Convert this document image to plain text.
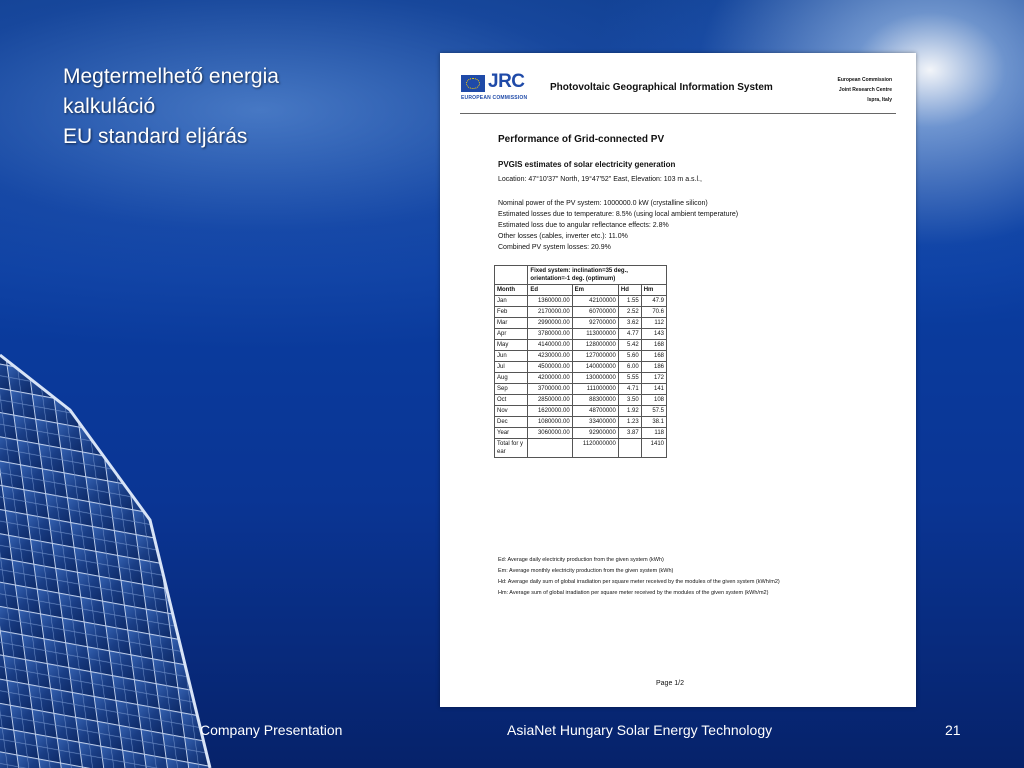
Megtermelhető energia
kalkuláció
EU standard eljárás
JRC
EUROPEAN COMMISSION
Photovoltaic Geographical Information System
European Commission
Joint Research Centre
Ispra, Italy
Performance of Grid-connected PV
PVGIS estimates of solar electricity generation
Location: 47°10'37" North, 19°47'52" East, Elevation: 103 m a.s.l.,
Nominal power of the PV system: 1000000.0 kW (crystalline silicon)
Estimated losses due to temperature: 8.5% (using local ambient temperature)
Estimated loss due to angular reflectance effects: 2.8%
Other losses (cables, inverter etc.): 11.0%
Combined PV system losses: 20.9%
	Fixed system: inclination=35 deg., orientation=-1 deg. (optimum)			
Month	Ed	Em	Hd	Hm
Jan	1360000.00	42100000	1.55	47.9
Feb	2170000.00	60700000	2.52	70.6
Mar	2990000.00	92700000	3.62	112
Apr	3780000.00	113000000	4.77	143
May	4140000.00	128000000	5.42	168
Jun	4230000.00	127000000	5.60	168
Jul	4500000.00	140000000	6.00	186
Aug	4200000.00	130000000	5.55	172
Sep	3700000.00	111000000	4.71	141
Oct	2850000.00	88300000	3.50	108
Nov	1620000.00	48700000	1.92	57.5
Dec	1080000.00	33400000	1.23	38.1
Year	3060000.00	92900000	3.87	118
Total for year		1120000000		1410
Ed: Average daily electricity production from the given system (kWh)
Em: Average monthly electricity production from the given system (kWh)
Hd: Average daily sum of global irradiation per square meter received by the modules of the given system (kWh/m2)
Hm: Average sum of global irradiation per square meter received by the modules of the given system (kWh/m2)
Page 1/2
Company Presentation	AsiaNet Hungary Solar Energy Technology	21
